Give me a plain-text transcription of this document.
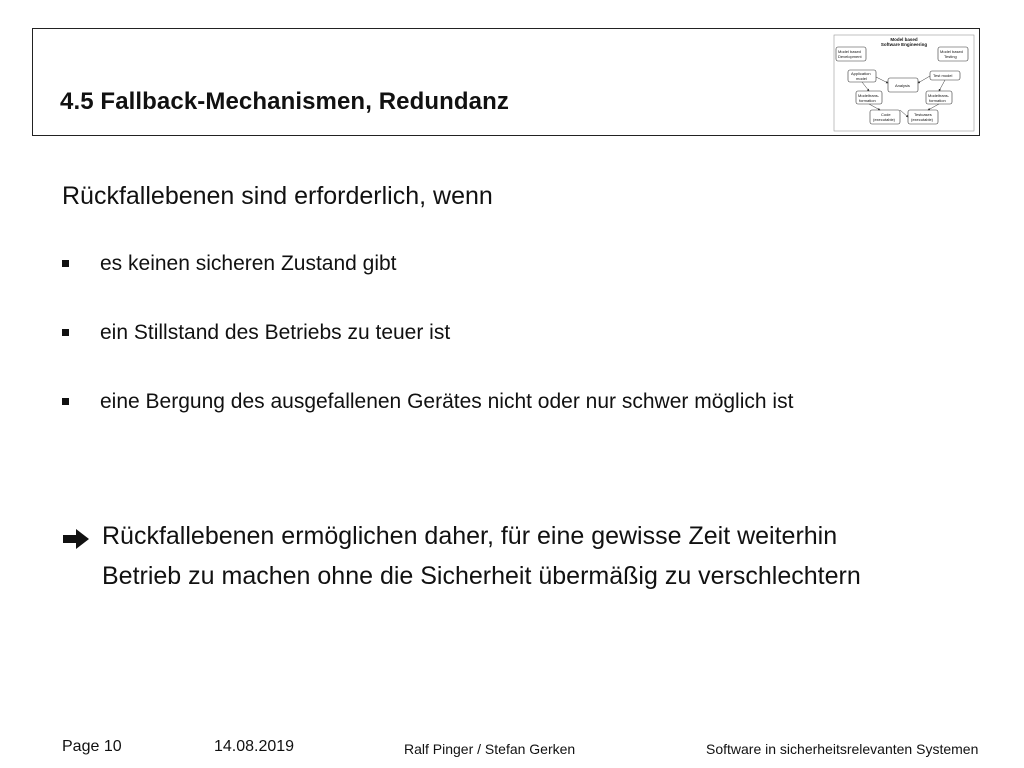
4.5 Fallback-Mechanismen, Redundanz
Model based
Software Engineering
Model based
Development
Model based
Testing
Application
model
Test model
Analysis
Modeltrans-
formation
Modeltrans-
formation
Code
(executable)
Testcases
(executable)
Rückfallebenen sind erforderlich, wenn
es keinen sicheren Zustand gibt
ein Stillstand des Betriebs zu teuer ist
eine Bergung des ausgefallenen Gerätes nicht oder nur schwer möglich ist
Rückfallebenen ermöglichen daher, für eine gewisse Zeit weiterhin
Betrieb zu machen ohne die Sicherheit übermäßig zu verschlechtern
Page 10	14.08.2019	Ralf Pinger / Stefan Gerken	Software in sicherheitsrelevanten Systemen
